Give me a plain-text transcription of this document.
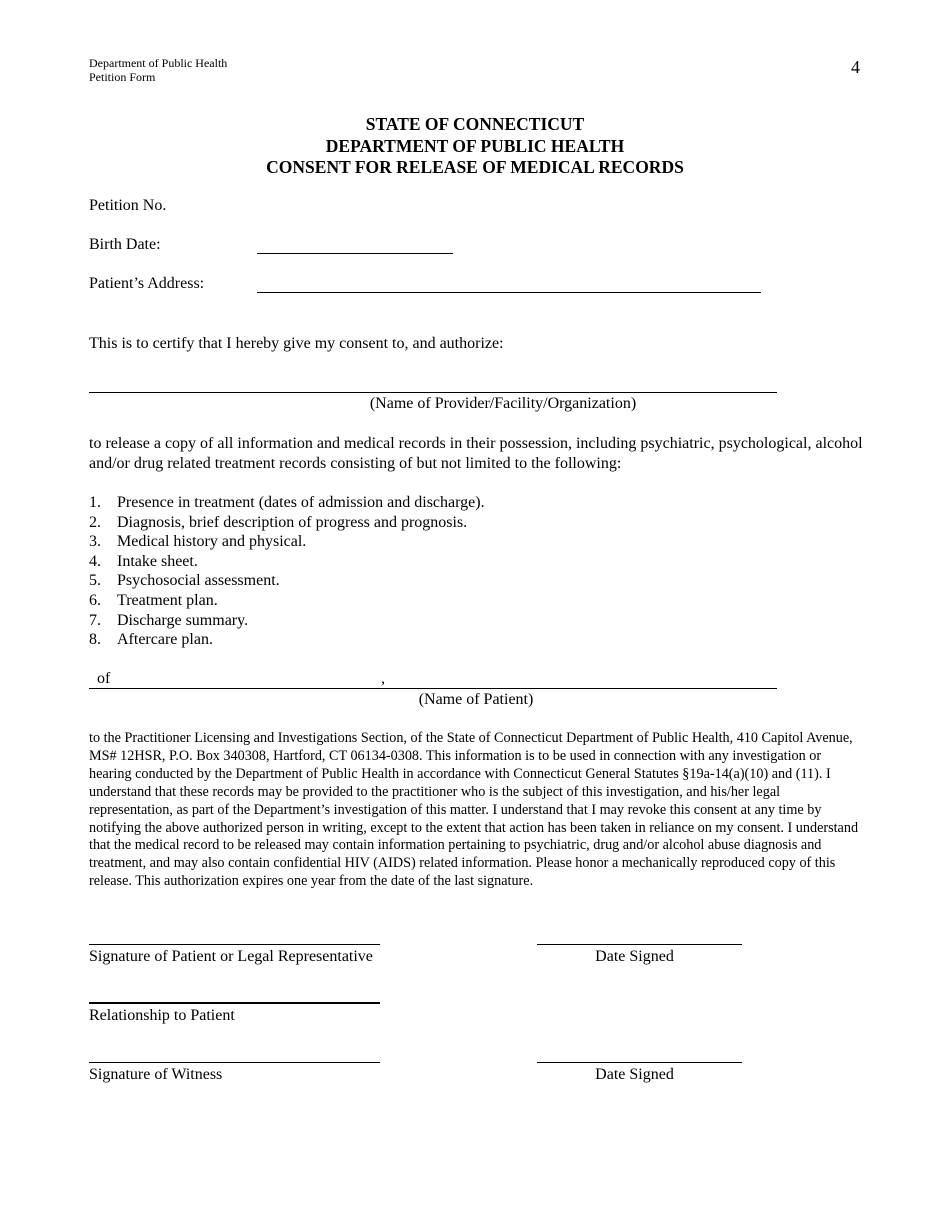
Department of Public Health
Petition Form	4
STATE OF CONNECTICUT
DEPARTMENT OF PUBLIC HEALTH
CONSENT FOR RELEASE OF MEDICAL RECORDS
Petition No.
Birth Date:
Patient’s Address:
This is to certify that I hereby give my consent to, and authorize:
(Name of Provider/Facility/Organization)
to release a copy of all information and medical records in their possession, including psychiatric, psychological, alcohol and/or drug related treatment records consisting of but not limited to the following:
1.	Presence in treatment (dates of admission and discharge).
2.	Diagnosis, brief description of progress and prognosis.
3.	Medical history and physical.
4.	Intake sheet.
5.	Psychosocial assessment.
6.	Treatment plan.
7.	Discharge summary.
8.	Aftercare plan.
of	,
(Name of Patient)
to the Practitioner Licensing and Investigations Section, of the State of Connecticut Department of Public Health, 410 Capitol Avenue, MS# 12HSR, P.O. Box 340308, Hartford, CT 06134-0308. This information is to be used in connection with any investigation or hearing conducted by the Department of Public Health in accordance with Connecticut General Statutes §19a-14(a)(10) and (11). I understand that these records may be provided to the practitioner who is the subject of this investigation, and his/her legal representation, as part of the Department’s investigation of this matter. I understand that I may revoke this consent at any time by notifying the above authorized person in writing, except to the extent that action has been taken in reliance on my consent. I understand that the medical record to be released may contain information pertaining to psychiatric, drug and/or alcohol abuse diagnosis and treatment, and may also contain confidential HIV (AIDS) related information. Please honor a mechanically reproduced copy of this release. This authorization expires one year from the date of the last signature.
Signature of Patient or Legal Representative	Date Signed
Relationship to Patient
Signature of Witness	Date Signed
